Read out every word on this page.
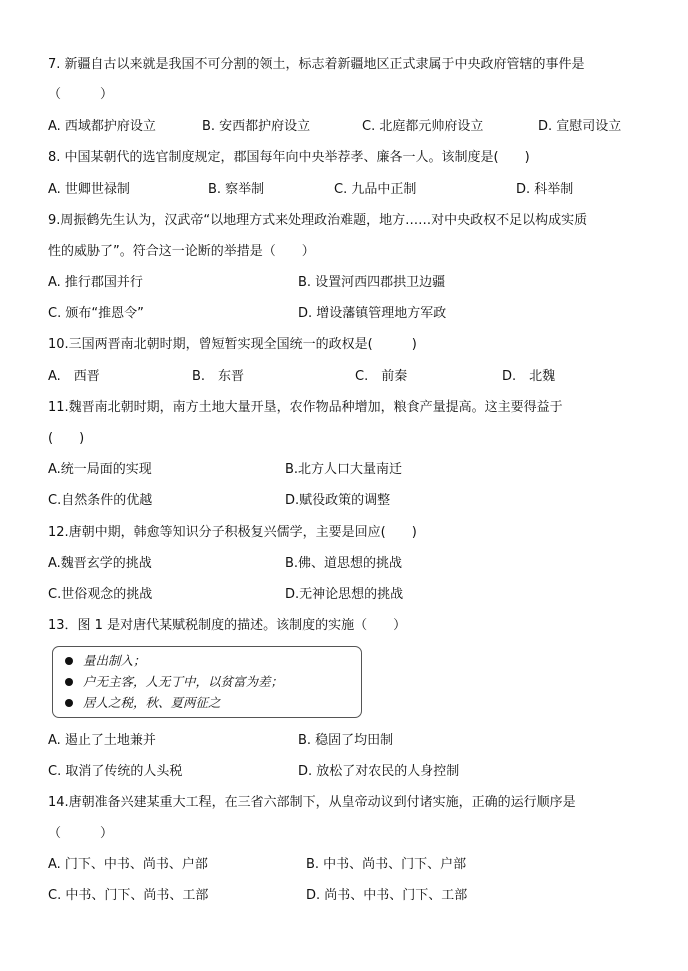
7. 新疆自古以来就是我国不可分割的领土，标志着新疆地区正式隶属于中央政府管辖的事件是
（　　　）
A. 西域都护府设立	B. 安西都护府设立	C. 北庭都元帅府设立	D. 宣慰司设立
8. 中国某朝代的选官制度规定，郡国每年向中央举荐孝、廉各一人。该制度是(　　)
A. 世卿世禄制	B. 察举制	C. 九品中正制	D. 科举制
9.周振鹤先生认为，汉武帝“以地理方式来处理政治难题，地方……对中央政权不足以构成实质
性的威胁了”。符合这一论断的举措是（　　）
A. 推行郡国并行	B. 设置河西四郡拱卫边疆
C. 颁布“推恩令”	D. 增设藩镇管理地方军政
10.三国两晋南北朝时期，曾短暂实现全国统一的政权是(　　　)
A.　西晋	B.　东晋	C.　前秦	D.　北魏
11.魏晋南北朝时期，南方土地大量开垦，农作物品种增加，粮食产量提高。这主要得益于
(　　)
A.统一局面的实现	B.北方人口大量南迁
C.自然条件的优越	D.赋役政策的调整
12.唐朝中期，韩愈等知识分子积极复兴儒学，主要是回应(　　)
A.魏晋玄学的挑战	B.佛、道思想的挑战
C.世俗观念的挑战	D.无神论思想的挑战
13．图 1 是对唐代某赋税制度的描述。该制度的实施（　　）
量出制入；
户无主客，人无丁中，以贫富为差；
居人之税，秋、夏两征之
A. 遏止了土地兼并	B. 稳固了均田制
C. 取消了传统的人头税	D. 放松了对农民的人身控制
14.唐朝准备兴建某重大工程，在三省六部制下，从皇帝动议到付诸实施，正确的运行顺序是
（　　　）
A. 门下、中书、尚书、户部	B. 中书、尚书、门下、户部
C. 中书、门下、尚书、工部	D. 尚书、中书、门下、工部
